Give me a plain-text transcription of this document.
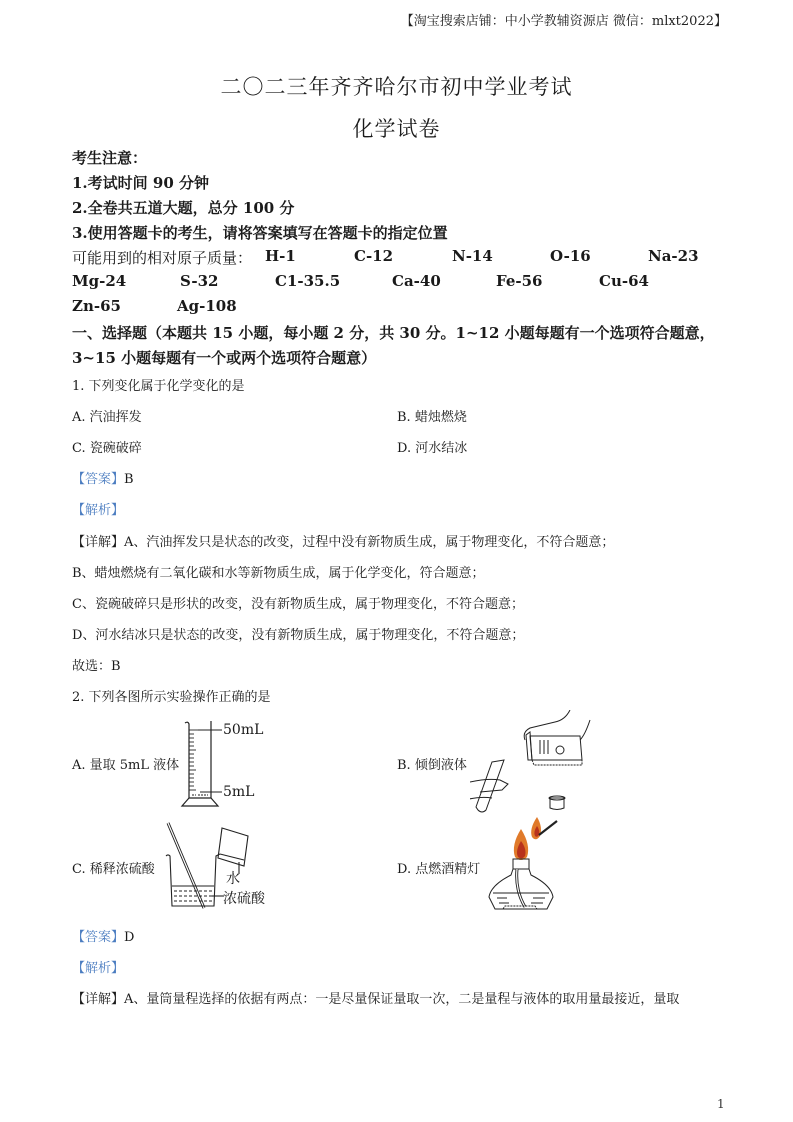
【淘宝搜索店铺：中小学教辅资源店 微信：mlxt2022】
二〇二三年齐齐哈尔市初中学业考试
化学试卷
考生注意：
1.考试时间 90 分钟
2.全卷共五道大题，总分 100 分
3.使用答题卡的考生，请将答案填写在答题卡的指定位置
可能用到的相对原子质量： H-1	C-12	N-14	O-16	Na-23
Mg-24	S-32	C1-35.5	Ca-40	Fe-56	Cu-64
Zn-65	Ag-108
一、选择题（本题共 15 小题，每小题 2 分，共 30 分。1~12 小题每题有一个选项符合题意，
3~15 小题每题有一个或两个选项符合题意）
1. 下列变化属于化学变化的是
A. 汽油挥发	B. 蜡烛燃烧
C. 瓷碗破碎	D. 河水结冰
【答案】B
【解析】
【详解】A、汽油挥发只是状态的改变，过程中没有新物质生成，属于物理变化，不符合题意；
B、蜡烛燃烧有二氧化碳和水等新物质生成，属于化学变化，符合题意；
C、瓷碗破碎只是形状的改变，没有新物质生成，属于物理变化，不符合题意；
D、河水结冰只是状态的改变，没有新物质生成，属于物理变化，不符合题意；
故选：B
2. 下列各图所示实验操作正确的是
A. 量取 5mL 液体
50mL
5mL
B. 倾倒液体
C. 稀释浓硫酸
水
浓硫酸
D. 点燃酒精灯
【答案】D
【解析】
【详解】A、量筒量程选择的依据有两点：一是尽量保证量取一次，二是量程与液体的取用量最接近，量取
1
